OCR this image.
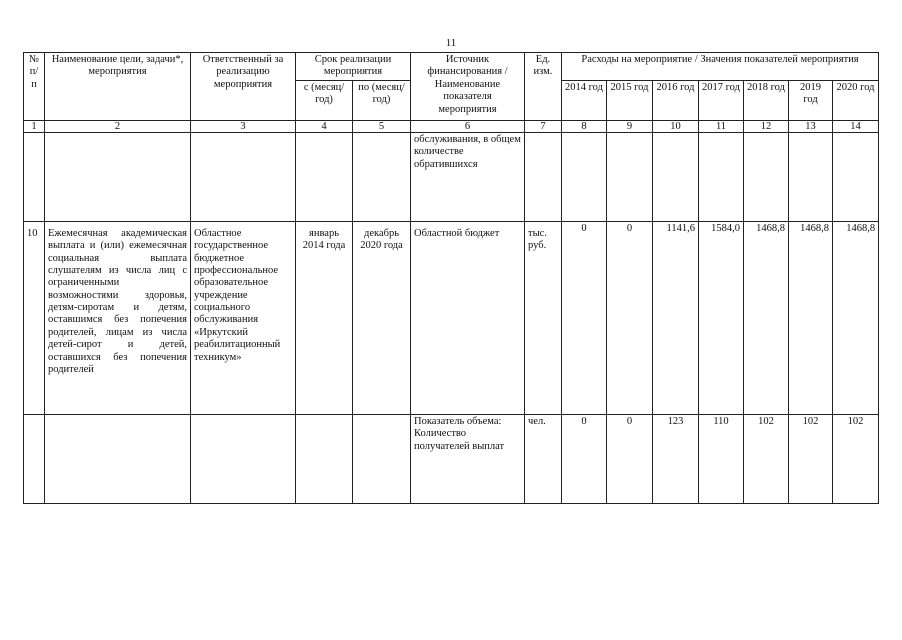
11
№ п/п	Наименование цели, задачи*, мероприятия	Ответственный за реализацию мероприятия	Срок реализации мероприятия		Источник финансирования / Наименование показателя мероприятия	Ед. изм.	Расходы на мероприятие / Значения показателей мероприятия						
			с (месяц/ год)	по (месяц/ год)			2014 год	2015 год	2016 год	2017 год	2018 год	2019 год	2020 год
1	2	3	4	5	6	7	8	9	10	11	12	13	14
					обслуживания, в общем количестве обратившихся								
10	Ежемесячная академическая выплата и (или) ежемесячная социальная выплата слушателям из числа лиц с ограниченными возможностями здоровья, детям-сиротам и детям, оставшимся без попечения родителей, лицам из числа детей-сирот и детей, оставшихся без попечения родителей	Областное государственное бюджетное профессиональное образовательное учреждение социального обслуживания «Иркутский реабилитационный техникум»	январь 2014 года	декабрь 2020 года	Областной бюджет	тыс. руб.	0	0	1141,6	1584,0	1468,8	1468,8	1468,8
					Показатель объема: Количество получателей выплат	чел.	0	0	123	110	102	102	102
